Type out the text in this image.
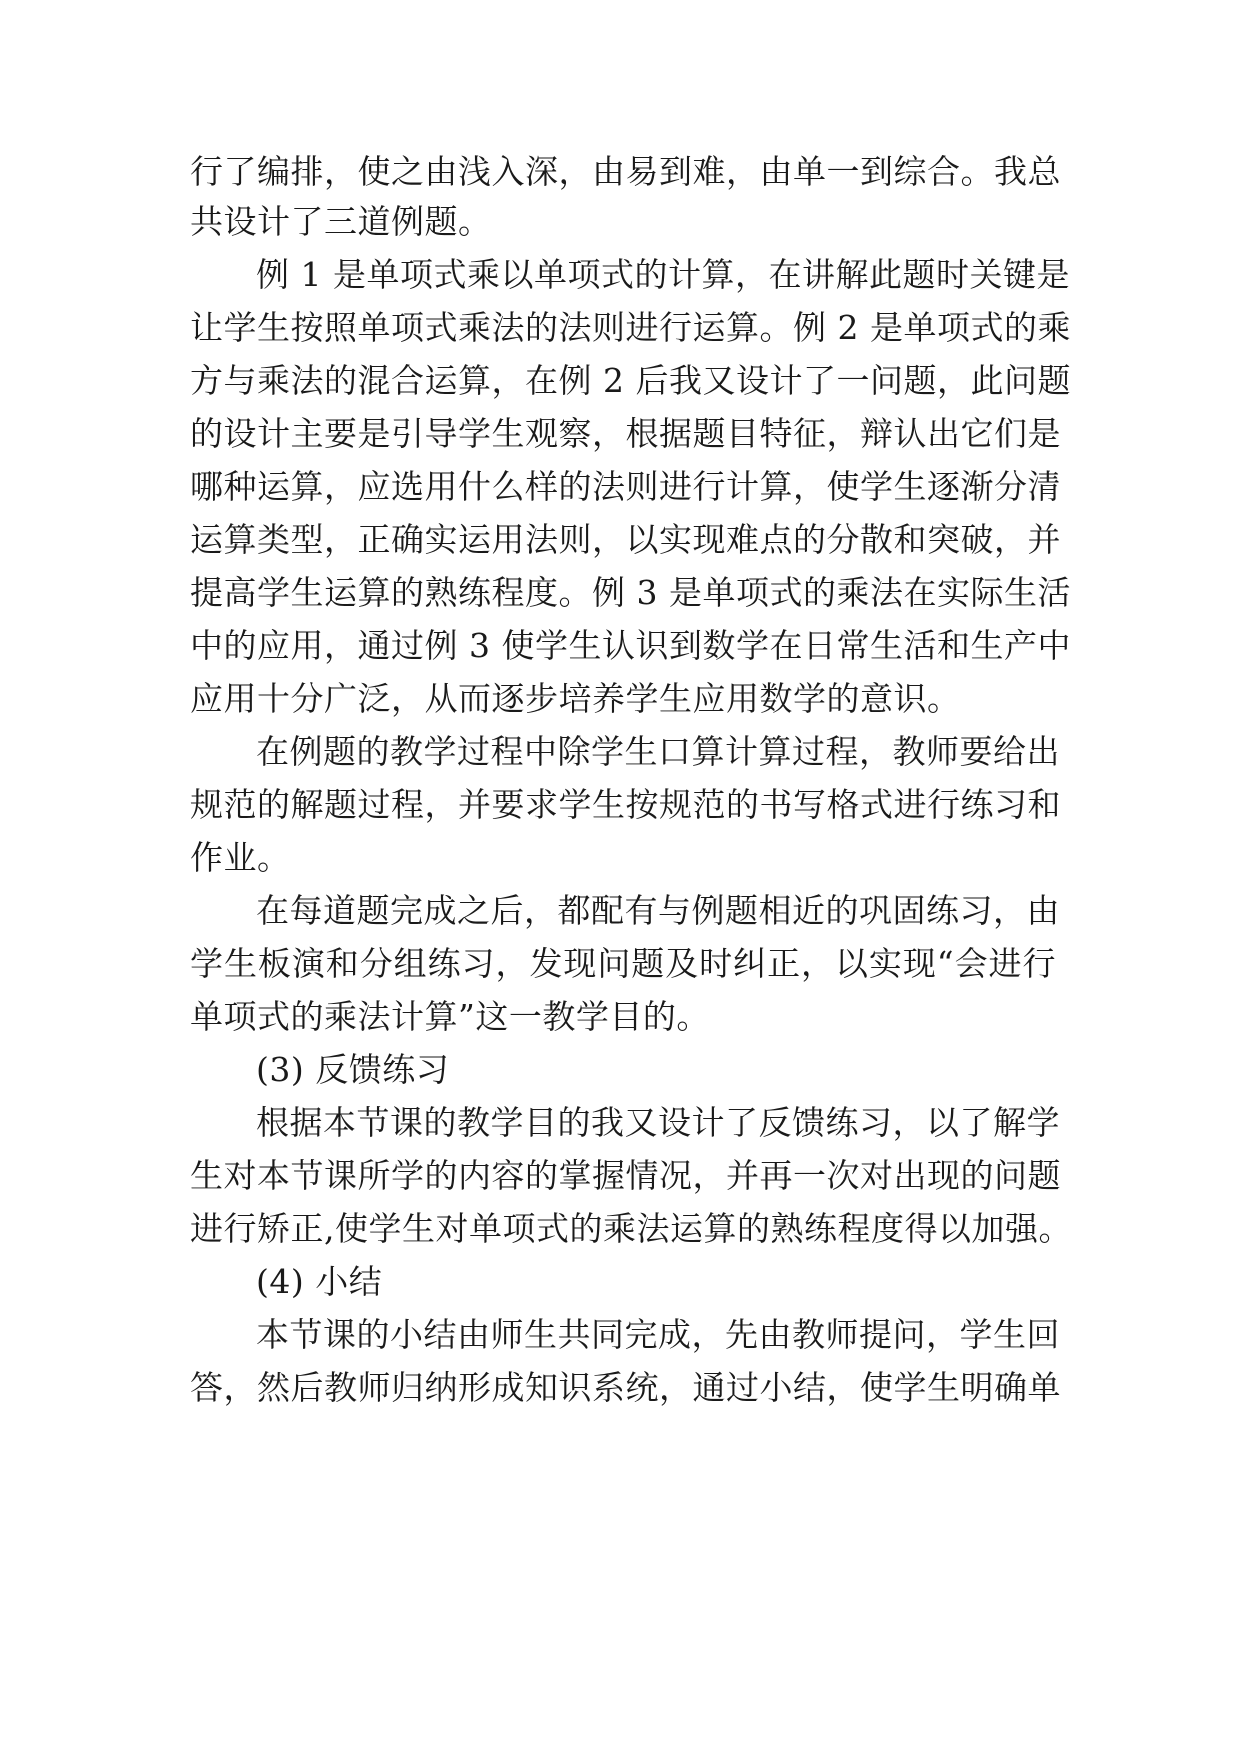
行了编排，使之由浅入深，由易到难，由单一到综合。我总
共设计了三道例题。
例 1 是单项式乘以单项式的计算，在讲解此题时关键是
让学生按照单项式乘法的法则进行运算。例 2 是单项式的乘
方与乘法的混合运算，在例 2 后我又设计了一问题，此问题
的设计主要是引导学生观察，根据题目特征，辩认出它们是
哪种运算，应选用什么样的法则进行计算，使学生逐渐分清
运算类型，正确实运用法则，以实现难点的分散和突破，并
提高学生运算的熟练程度。例 3 是单项式的乘法在实际生活
中的应用，通过例 3 使学生认识到数学在日常生活和生产中
应用十分广泛，从而逐步培养学生应用数学的意识。
在例题的教学过程中除学生口算计算过程，教师要给出
规范的解题过程，并要求学生按规范的书写格式进行练习和
作业。
在每道题完成之后，都配有与例题相近的巩固练习，由
学生板演和分组练习，发现问题及时纠正，以实现“会进行
单项式的乘法计算”这一教学目的。
(3) 反馈练习
根据本节课的教学目的我又设计了反馈练习，以了解学
生对本节课所学的内容的掌握情况，并再一次对出现的问题
进行矫正,使学生对单项式的乘法运算的熟练程度得以加强。
(4) 小结
本节课的小结由师生共同完成，先由教师提问，学生回
答，然后教师归纳形成知识系统，通过小结，使学生明确单
